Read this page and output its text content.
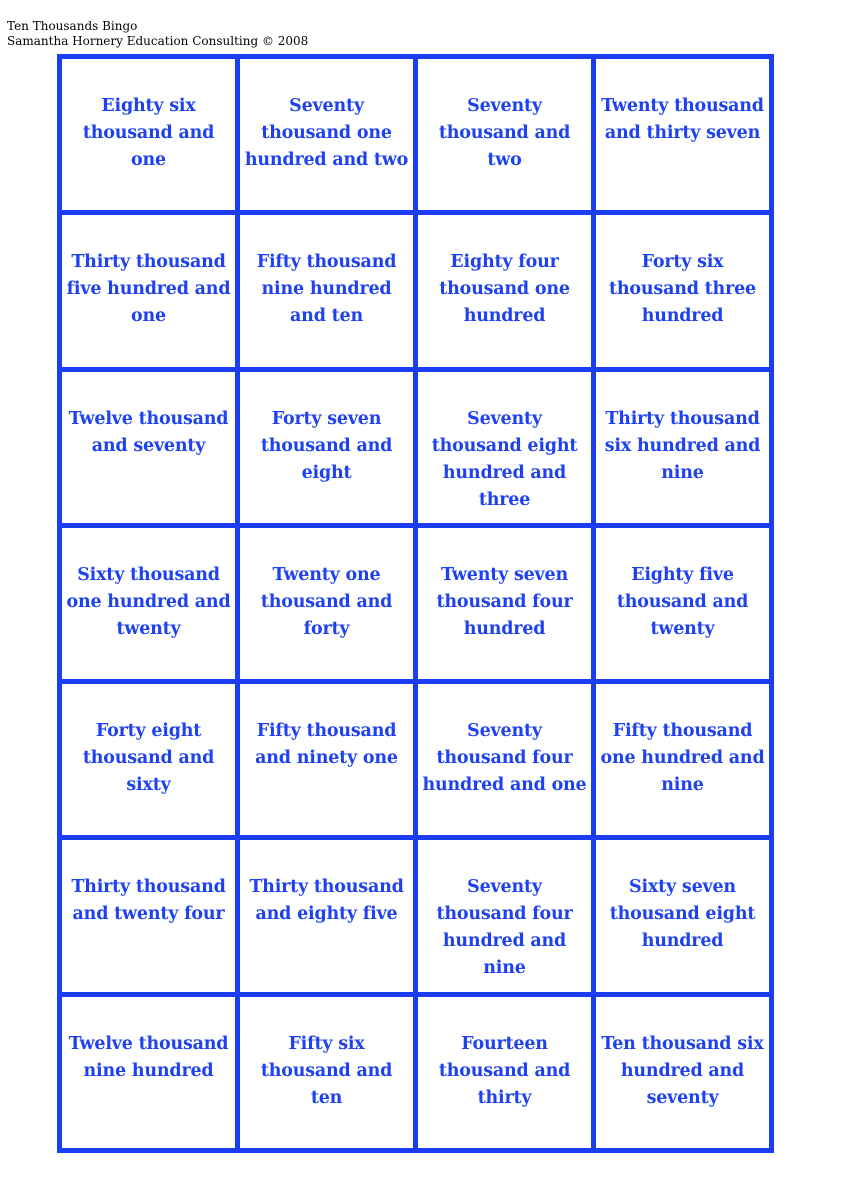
Ten Thousands Bingo
Samantha Hornery Education Consulting © 2008
Eighty six thousand and one
Seventy thousand one hundred and two
Seventy thousand and two
Twenty thousand and thirty seven
Thirty thousand five hundred and one
Fifty thousand nine hundred and ten
Eighty four thousand one hundred
Forty six thousand three hundred
Twelve thousand and seventy
Forty seven thousand and eight
Seventy thousand eight hundred and three
Thirty thousand six hundred and nine
Sixty thousand one hundred and twenty
Twenty one thousand and forty
Twenty seven thousand four hundred
Eighty five thousand and twenty
Forty eight thousand and sixty
Fifty thousand and ninety one
Seventy thousand four hundred and one
Fifty thousand one hundred and nine
Thirty thousand and twenty four
Thirty thousand and eighty five
Seventy thousand four hundred and nine
Sixty seven thousand eight hundred
Twelve thousand nine hundred
Fifty six thousand and ten
Fourteen thousand and thirty
Ten thousand six hundred and seventy
